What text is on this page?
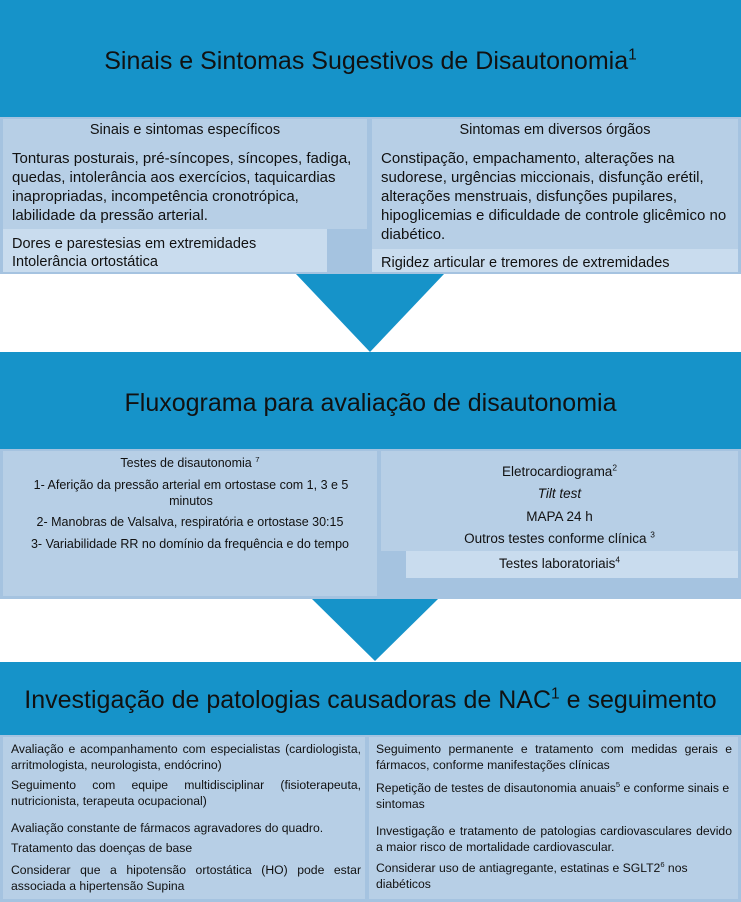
Sinais e Sintomas Sugestivos de Disautonomia$^1$
Sinais e sintomas específicos
Tonturas posturais, pré-síncopes, síncopes, fadiga, quedas, intolerância aos exercícios, taquicardias inapropriadas, incompetência cronotrópica, labilidade da pressão arterial.
Dores e parestesias em extremidades
Intolerância ortostática
Sintomas em diversos órgãos
Constipação, empachamento, alterações na sudorese, urgências miccionais, disfunção erétil, alterações menstruais, disfunções pupilares, hipoglicemias e dificuldade de controle glicêmico no diabético.
Rigidez articular e tremores de extremidades
Fluxograma para avaliação de disautonomia
Testes de disautonomia $^7$
1- Aferição da pressão arterial em ortostase com 1, 3 e 5 minutos
2- Manobras de Valsalva, respiratória e ortostase 30:15
3- Variabilidade RR no domínio da frequência e do tempo
Eletrocardiograma$^2$
Tilt test
MAPA 24 h
Outros testes conforme clínica $^3$
Testes laboratoriais$^4$
Investigação de patologias causadoras de NAC$^1$ e seguimento
Avaliação e acompanhamento com especialistas (cardiologista, arritmologista, neurologista, endócrino)
Seguimento com equipe multidisciplinar (fisioterapeuta, nutricionista, terapeuta ocupacional)
Avaliação constante de fármacos agravadores do quadro.
Tratamento das doenças de base
Considerar que a hipotensão ortostática (HO) pode estar associada a hipertensão Supina
Seguimento permanente e tratamento com medidas gerais e fármacos, conforme manifestações clínicas
Repetição de testes de disautonomia anuais$^5$ e conforme sinais e sintomas
Investigação e tratamento de patologias cardiovasculares devido a maior risco de mortalidade cardiovascular.
Considerar uso de antiagregante, estatinas e $SGLT2^6$ nos diabéticos
